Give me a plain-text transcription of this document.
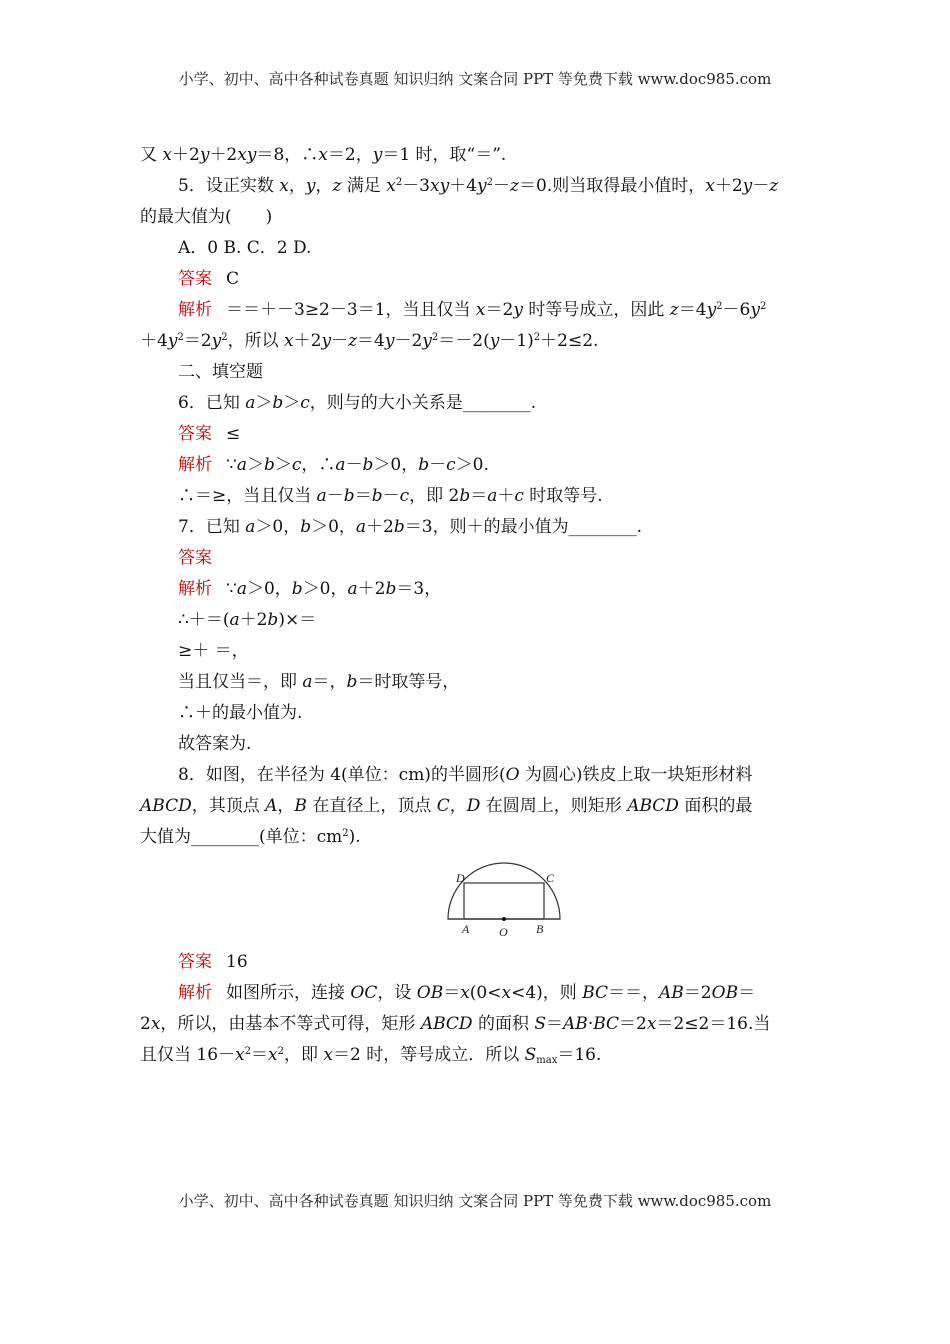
小学、初中、高中各种试卷真题 知识归纳 文案合同 PPT 等免费下载 www.doc985.com
又 x＋2y＋2xy＝8，∴x＝2，y＝1 时，取“＝”.
5．设正实数 x，y，z 满足 $x^2-3xy+4y^2-z=0$.则当取得最小值时，x＋2y－z
的最大值为(　　)
A．0 B. C．2 D.
答案 C
解析 ＝＝＋－3≥2－3＝1，当且仅当 x＝2y 时等号成立，因此 $z=4y^2-6y^2$
$+4y^2=2y^2$，所以 $x+2y-z=4y-2y^2=-2(y-1)^2+2\le 2$.
二、填空题
6．已知 a＞b＞c，则与的大小关系是________.
答案 ≤
解析 ∵a＞b＞c，∴a－b＞0，b－c＞0.
∴＝≥，当且仅当 a－b＝b－c，即 2b＝a＋c 时取等号.
7．已知 a＞0，b＞0，a＋2b＝3，则＋的最小值为________.
答案
解析 ∵a＞0，b＞0，a＋2b＝3，
∴＋＝(a＋2b)×＝
≥＋ ＝，
当且仅当＝，即 a＝，b＝时取等号，
∴＋的最小值为.
故答案为.
8．如图，在半径为 4(单位：cm)的半圆形(O 为圆心)铁皮上取一块矩形材料
ABCD，其顶点 A，B 在直径上，顶点 C，D 在圆周上，则矩形 ABCD 面积的最
大值为________(单位：$cm^2$).
D	C
A O B
答案 16
解析 如图所示，连接 OC，设 OB＝x(0<x<4)，则 BC＝＝，AB＝2OB＝
2x，所以，由基本不等式可得，矩形 ABCD 的面积 S＝AB·BC＝2x＝2≤2＝16.当
且仅当 $16-x^2=x^2$，即 x＝2 时，等号成立．所以 $S_{max}=16$.
小学、初中、高中各种试卷真题 知识归纳 文案合同 PPT 等免费下载 www.doc985.com
